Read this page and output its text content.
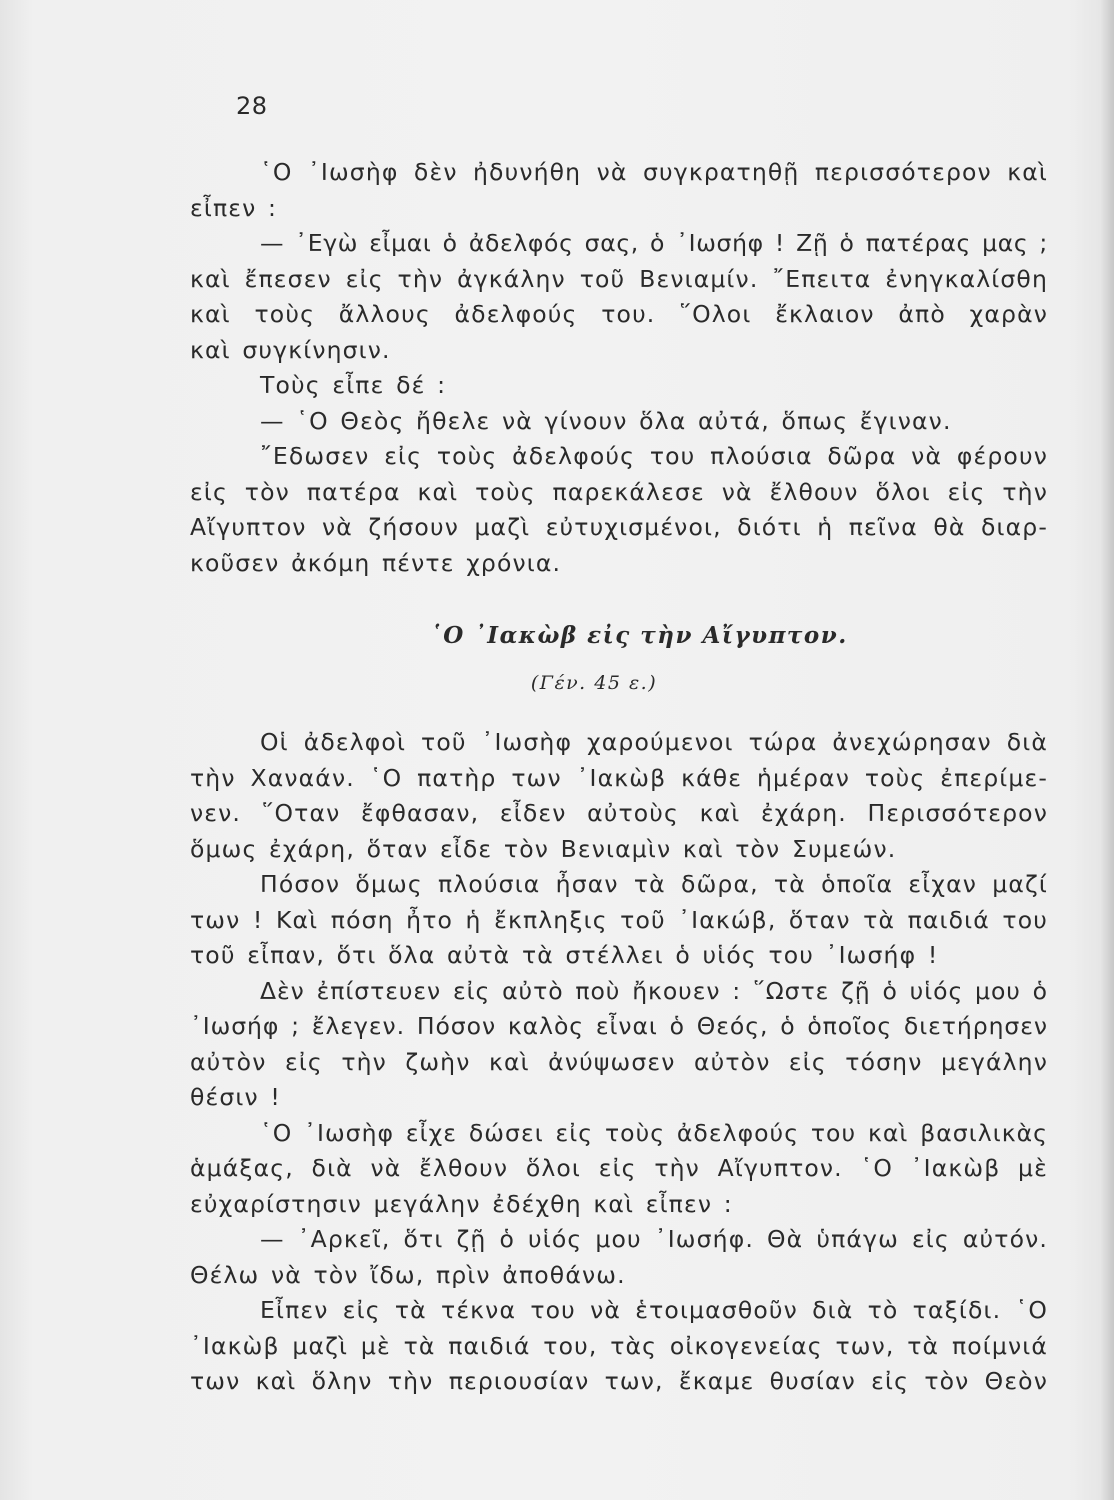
28
῾Ο ᾿Ιωσὴφ δὲν ἠδυνήθη νὰ συγκρατηθῇ περισσότερον καὶ
εἶπεν :
— ᾿Εγὼ εἶμαι ὁ ἀδελφός σας, ὁ ᾿Ιωσήφ ! Ζῇ ὁ πατέρας μας ;
καὶ ἔπεσεν εἰς τὴν ἀγκάλην τοῦ Βενιαμίν. ῎Επειτα ἐνηγκαλίσθη
καὶ τοὺς ἄλλους ἀδελφούς του. ῞Ολοι ἔκλαιον ἀπὸ χαρὰν
καὶ συγκίνησιν.
Τοὺς εἶπε δέ :
— ῾Ο Θεὸς ἤθελε νὰ γίνουν ὅλα αὐτά, ὅπως ἔγιναν.
῎Εδωσεν εἰς τοὺς ἀδελφούς του πλούσια δῶρα νὰ φέρουν
εἰς τὸν πατέρα καὶ τοὺς παρεκάλεσε νὰ ἔλθουν ὅλοι εἰς τὴν
Αἴγυπτον νὰ ζήσουν μαζὶ εὐτυχισμένοι, διότι ἡ πεῖνα θὰ διαρ-
κοῦσεν ἀκόμη πέντε χρόνια.
῾Ο ᾿Ιακὼβ εἰς τὴν Αἴγυπτον.
(Γέν. 45 ε.)
Οἱ ἀδελφοὶ τοῦ ᾿Ιωσὴφ χαρούμενοι τώρα ἀνεχώρησαν διὰ
τὴν Χαναάν. ῾Ο πατὴρ των ᾿Ιακὼβ κάθε ἡμέραν τοὺς ἐπερίμε-
νεν. ῞Οταν ἔφθασαν, εἶδεν αὐτοὺς καὶ ἐχάρη. Περισσότερον
ὅμως ἐχάρη, ὅταν εἶδε τὸν Βενιαμὶν καὶ τὸν Συμεών.
Πόσον ὅμως πλούσια ἦσαν τὰ δῶρα, τὰ ὁποῖα εἶχαν μαζί
των ! Καὶ πόση ἦτο ἡ ἔκπληξις τοῦ ᾿Ιακώβ, ὅταν τὰ παιδιά του
τοῦ εἶπαν, ὅτι ὅλα αὐτὰ τὰ στέλλει ὁ υἱός του ᾿Ιωσήφ !
Δὲν ἐπίστευεν εἰς αὐτὸ ποὺ ἤκουεν : ῞Ωστε ζῇ ὁ υἱός μου ὁ
᾿Ιωσήφ ; ἔλεγεν. Πόσον καλὸς εἶναι ὁ Θεός, ὁ ὁποῖος διετήρησεν
αὐτὸν εἰς τὴν ζωὴν καὶ ἀνύψωσεν αὐτὸν εἰς τόσην μεγάλην
θέσιν !
῾Ο ᾿Ιωσὴφ εἶχε δώσει εἰς τοὺς ἀδελφούς του καὶ βασιλικὰς
ἁμάξας, διὰ νὰ ἔλθουν ὅλοι εἰς τὴν Αἴγυπτον. ῾Ο ᾿Ιακὼβ μὲ
εὐχαρίστησιν μεγάλην ἐδέχθη καὶ εἶπεν :
— ᾿Αρκεῖ, ὅτι ζῇ ὁ υἱός μου ᾿Ιωσήφ. Θὰ ὑπάγω εἰς αὐτόν.
Θέλω νὰ τὸν ἴδω, πρὶν ἀποθάνω.
Εἶπεν εἰς τὰ τέκνα του νὰ ἑτοιμασθοῦν διὰ τὸ ταξίδι. ῾Ο
᾿Ιακὼβ μαζὶ μὲ τὰ παιδιά του, τὰς οἰκογενείας των, τὰ ποίμνιά
των καὶ ὅλην τὴν περιουσίαν των, ἔκαμε θυσίαν εἰς τὸν Θεὸν
